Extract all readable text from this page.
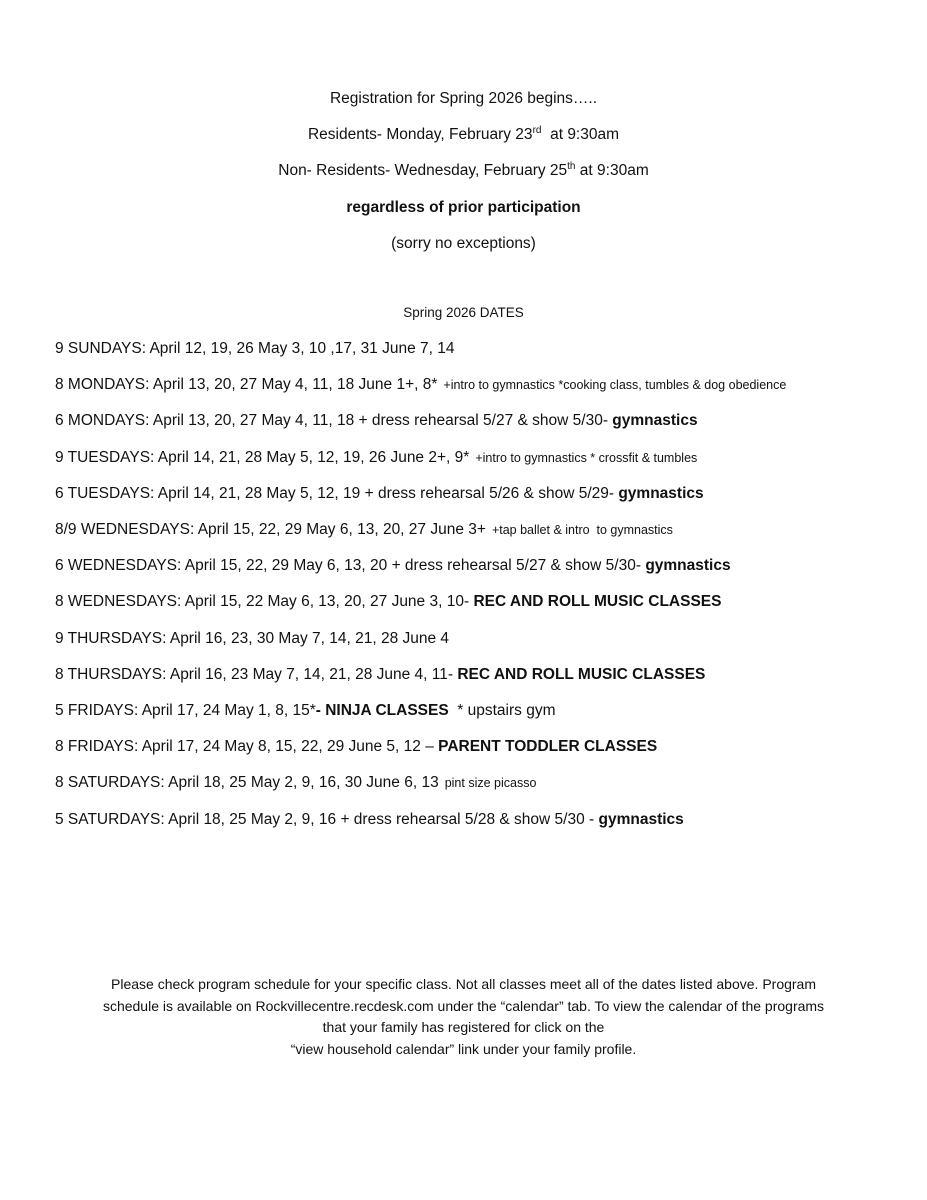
Registration for Spring 2026 begins…..
Residents- Monday, February 23rd  at 9:30am
Non- Residents- Wednesday, February 25th at 9:30am
regardless of prior participation
(sorry no exceptions)
Spring 2026 DATES
9 SUNDAYS: April 12, 19, 26 May 3, 10 ,17, 31 June 7, 14
8 MONDAYS: April 13, 20, 27 May 4, 11, 18 June 1+, 8* +intro to gymnastics *cooking class, tumbles & dog obedience
6 MONDAYS: April 13, 20, 27 May 4, 11, 18 + dress rehearsal 5/27 & show 5/30- gymnastics
9 TUESDAYS: April 14, 21, 28 May 5, 12, 19, 26 June 2+, 9* +intro to gymnastics * crossfit & tumbles
6 TUESDAYS: April 14, 21, 28 May 5, 12, 19 + dress rehearsal 5/26 & show 5/29- gymnastics
8/9 WEDNESDAYS: April 15, 22, 29 May 6, 13, 20, 27 June 3+ +tap ballet & intro  to gymnastics
6 WEDNESDAYS: April 15, 22, 29 May 6, 13, 20 + dress rehearsal 5/27 & show 5/30- gymnastics
8 WEDNESDAYS: April 15, 22 May 6, 13, 20, 27 June 3, 10- REC AND ROLL MUSIC CLASSES
9 THURSDAYS: April 16, 23, 30 May 7, 14, 21, 28 June 4
8 THURSDAYS: April 16, 23 May 7, 14, 21, 28 June 4, 11- REC AND ROLL MUSIC CLASSES
5 FRIDAYS: April 17, 24 May 1, 8, 15*- NINJA CLASSES  * upstairs gym
8 FRIDAYS: April 17, 24 May 8, 15, 22, 29 June 5, 12 – PARENT TODDLER CLASSES
8 SATURDAYS: April 18, 25 May 2, 9, 16, 30 June 6, 13 pint size picasso
5 SATURDAYS: April 18, 25 May 2, 9, 16 + dress rehearsal 5/28 & show 5/30 - gymnastics
Please check program schedule for your specific class. Not all classes meet all of the dates listed above. Program
schedule is available on Rockvillecentre.recdesk.com under the “calendar” tab. To view the calendar of the programs
that your family has registered for click on the
“view household calendar” link under your family profile.
